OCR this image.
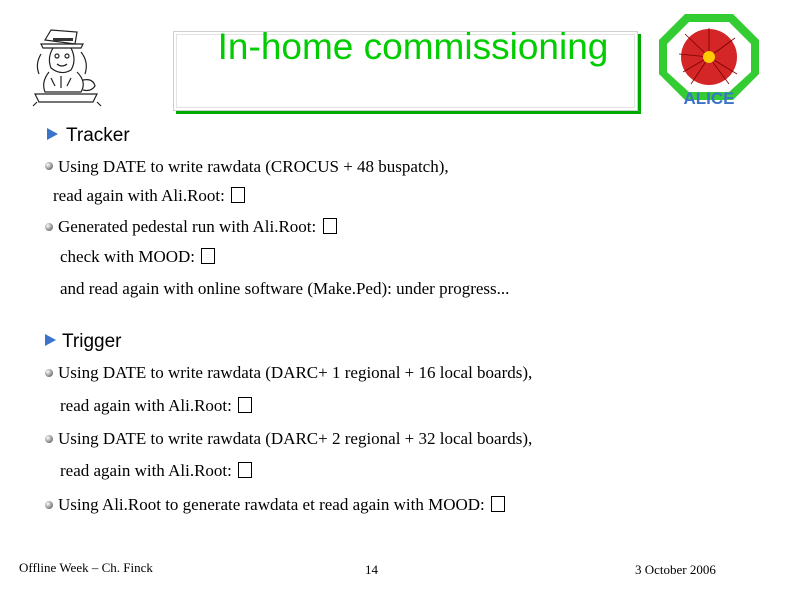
In-home commissioning
ALICE
Tracker
Using DATE to write rawdata (CROCUS + 48 buspatch),
read again with Ali.Root:
Generated pedestal run with Ali.Root:
check with MOOD:
and read again with online software (Make.Ped): under progress...
Trigger
Using DATE to write rawdata (DARC+ 1 regional + 16 local boards),
read again with Ali.Root:
Using DATE to write rawdata (DARC+ 2 regional + 32 local boards),
read again with Ali.Root:
Using Ali.Root to generate rawdata et read again with MOOD:
Offline Week – Ch. Finck	14	3 October 2006
